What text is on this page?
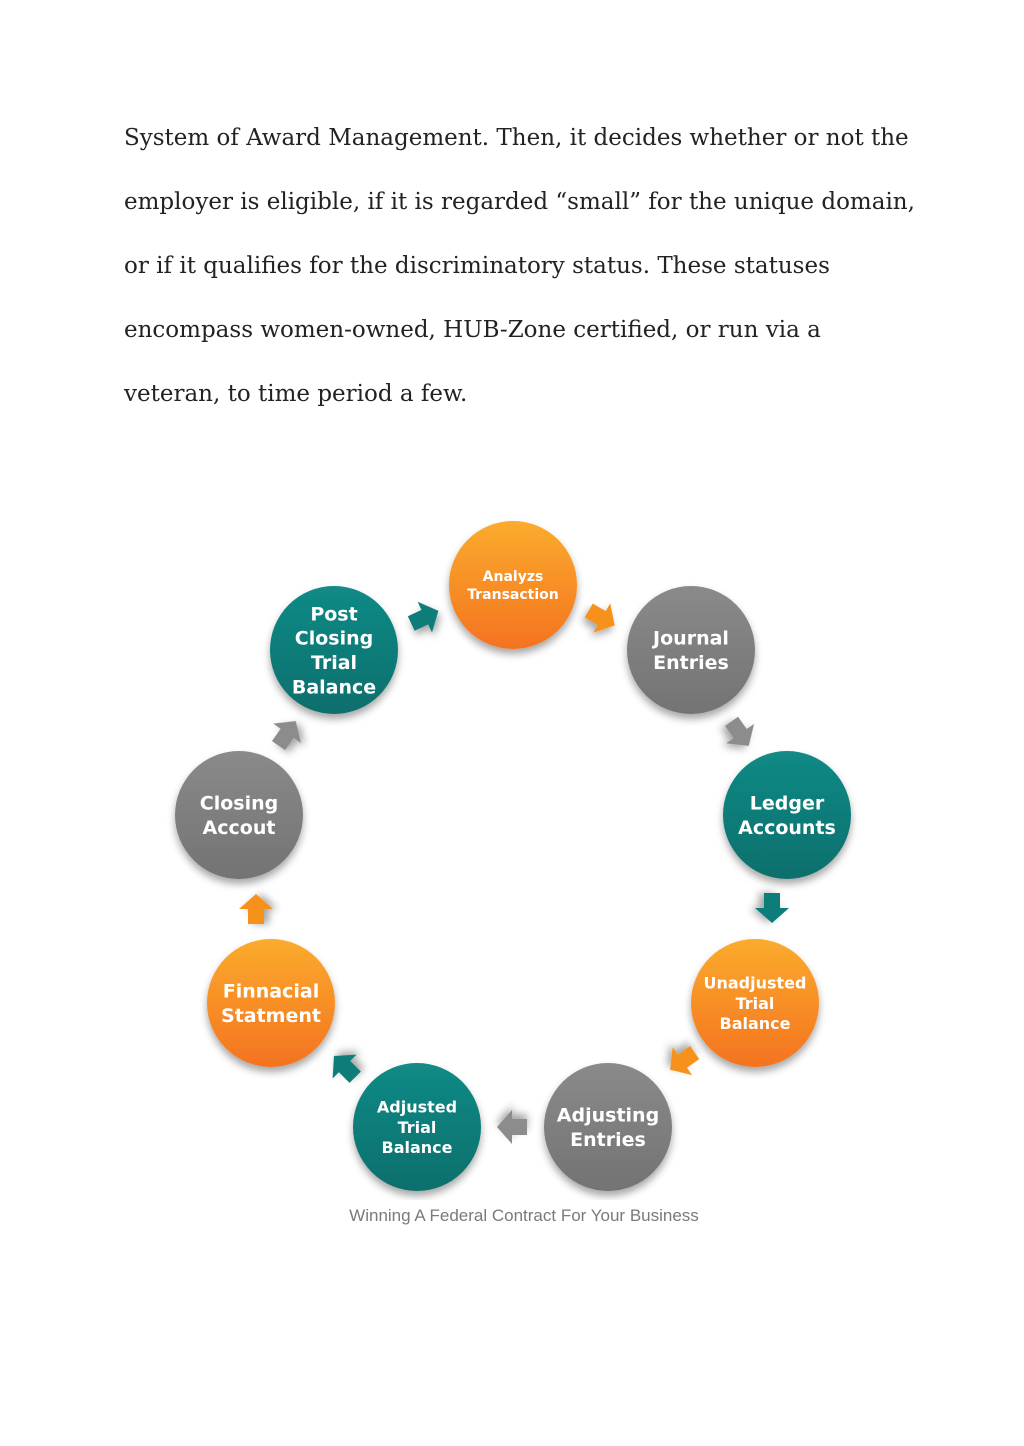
System of Award Management. Then, it decides whether or not the
employer is eligible, if it is regarded “small” for the unique domain,
or if it qualifies for the discriminatory status. These statuses
encompass women-owned, HUB-Zone certified, or run via a
veteran, to time period a few.
Analyzs
Transaction
Journal
Entries
Ledger
Accounts
Unadjusted
Trial
Balance
Adjusting
Entries
Adjusted
Trial
Balance
Finnacial
Statment
Closing
Accout
Post
Closing
Trial
Balance
Winning A Federal Contract For Your Business
